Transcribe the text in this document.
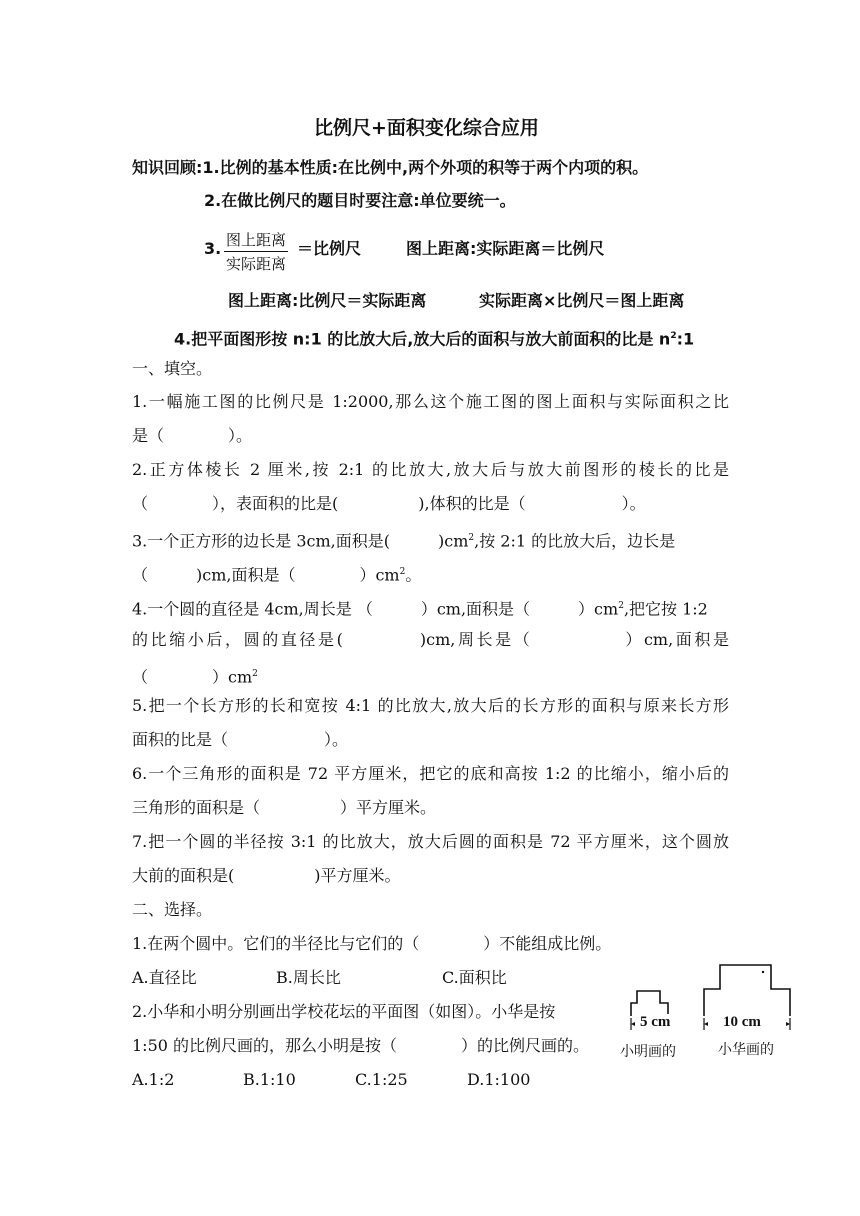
比例尺+面积变化综合应用
知识回顾:1.比例的基本性质:在比例中,两个外项的积等于两个内项的积。
2.在做比例尺的题目时要注意:单位要统一。
3. 图上距离
实际距离
＝比例尺	图上距离:实际距离＝比例尺
图上距离:比例尺＝实际距离	实际距离×比例尺＝图上距离
4.把平面图形按 n:1 的比放大后,放大后的面积与放大前面积的比是 $n^2:1$
一、填空。
1.一幅施工图的比例尺是 1:2000,那么这个施工图的图上面积与实际面积之比
是（　　　　）。
2.正方体棱长 2 厘米,按 2:1 的比放大,放大后与放大前图形的棱长的比是
（　　　　），表面积的比是(　　　　　),体积的比是（　　　　　　）。
3.一个正方形的边长是 3cm,面积是(　　　)$cm^2$,按 2:1 的比放大后，边长是
（　　　)cm,面积是（　　　　）$cm^2$。
4.一个圆的直径是 4cm,周长是 （　　　）cm,面积是（　　　）$cm^2$,把它按 1:2
的比缩小后，圆的直径是(　　　　)cm,周长是（　　　　　）cm,面积是
（　　　　）$cm^2$
5.把一个长方形的长和宽按 4:1 的比放大,放大后的长方形的面积与原来长方形
面积的比是（　　　　　　）。
6.一个三角形的面积是 72 平方厘米，把它的底和高按 1:2 的比缩小，缩小后的
三角形的面积是（　　　　　）平方厘米。
7.把一个圆的半径按 3:1 的比放大，放大后圆的面积是 72 平方厘米，这个圆放
大前的面积是(　　　　　)平方厘米。
二、选择。
1.在两个圆中。它们的半径比与它们的（　　　　）不能组成比例。
A.直径比	B.周长比	C.面积比
2.小华和小明分别画出学校花坛的平面图（如图）。小华是按
1:50 的比例尺画的，那么小明是按（　　　　）的比例尺画的。
A.1:2	B.1:10	C.1:25	D.1:100
5 cm
小明画的
10 cm
小华画的
